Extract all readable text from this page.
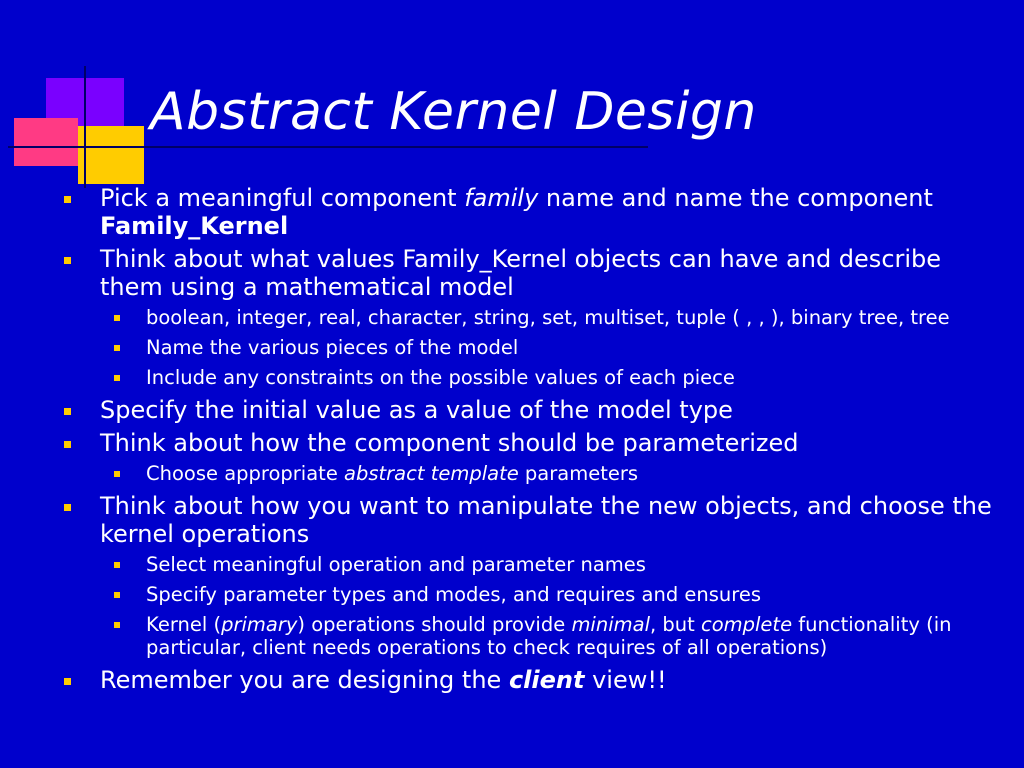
Abstract Kernel Design
Pick a meaningful component family name and name the component Family_Kernel
Think about what values Family_Kernel objects can have and describe them using a mathematical model
boolean, integer, real, character, string, set, multiset, tuple ( , , ), binary tree, tree
Name the various pieces of the model
Include any constraints on the possible values of each piece
Specify the initial value as a value of the model type
Think about how the component should be parameterized
Choose appropriate abstract template parameters
Think about how you want to manipulate the new objects, and choose the kernel operations
Select meaningful operation and parameter names
Specify parameter types and modes, and requires and ensures
Kernel (primary) operations should provide minimal, but complete functionality (in particular, client needs operations to check requires of all operations)
Remember you are designing the client view!!
